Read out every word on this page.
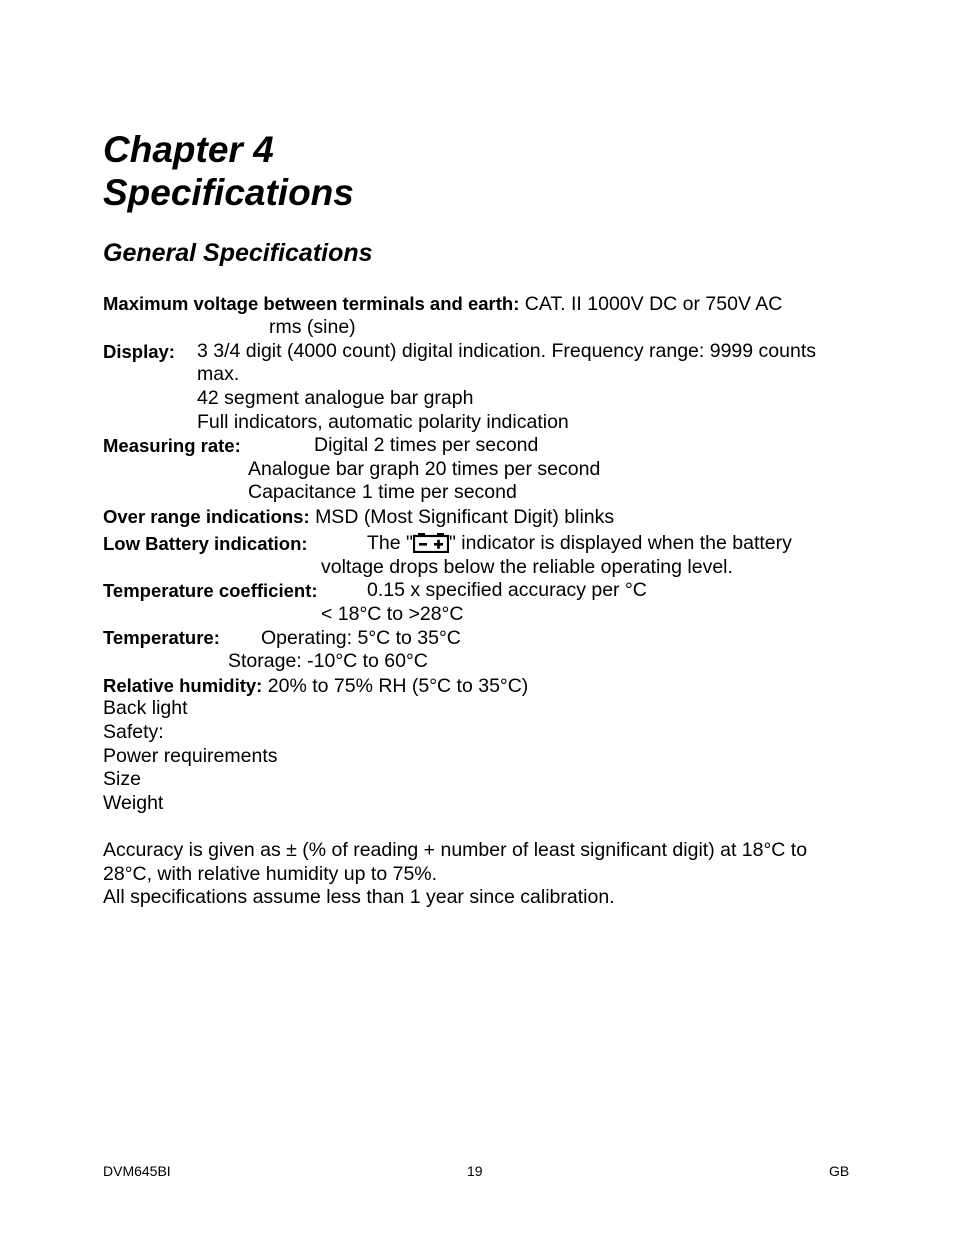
Chapter 4
Specifications
General Specifications
Maximum voltage between terminals and earth: CAT. II 1000V DC or 750V AC
rms (sine)
Display: 3 3/4 digit (4000 count) digital indication. Frequency range: 9999 counts
max.
42 segment analogue bar graph
Full indicators, automatic polarity indication
Measuring rate:	Digital 2 times per second
Analogue bar graph 20 times per second
Capacitance 1 time per second
Over range indications: MSD (Most Significant Digit) blinks
Low Battery indication:	The " " indicator is displayed when the battery
voltage drops below the reliable operating level.
Temperature coefficient:	0.15 x specified accuracy per °C
< 18°C to >28°C
Temperature: Operating: 5°C to 35°C
Storage: -10°C to 60°C
Relative humidity: 20% to 75% RH (5°C to 35°C)
Back light
Safety:
Power requirements
Size
Weight
Accuracy is given as ± (% of reading + number of least significant digit) at 18°C to
28°C, with relative humidity up to 75%.
All specifications assume less than 1 year since calibration.
DVM645BI	19	GB
